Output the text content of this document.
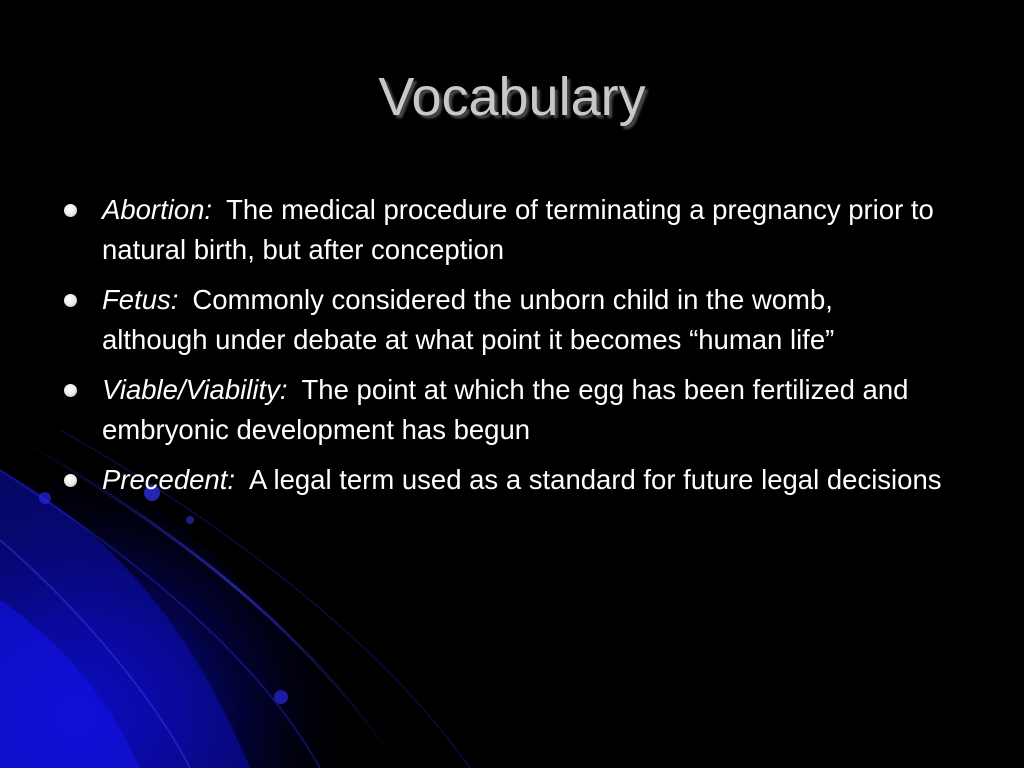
Vocabulary
Abortion: The medical procedure of terminating a pregnancy prior to natural birth, but after conception
Fetus: Commonly considered the unborn child in the womb, although under debate at what point it becomes “human life”
Viable/Viability: The point at which the egg has been fertilized and embryonic development has begun
Precedent: A legal term used as a standard for future legal decisions
